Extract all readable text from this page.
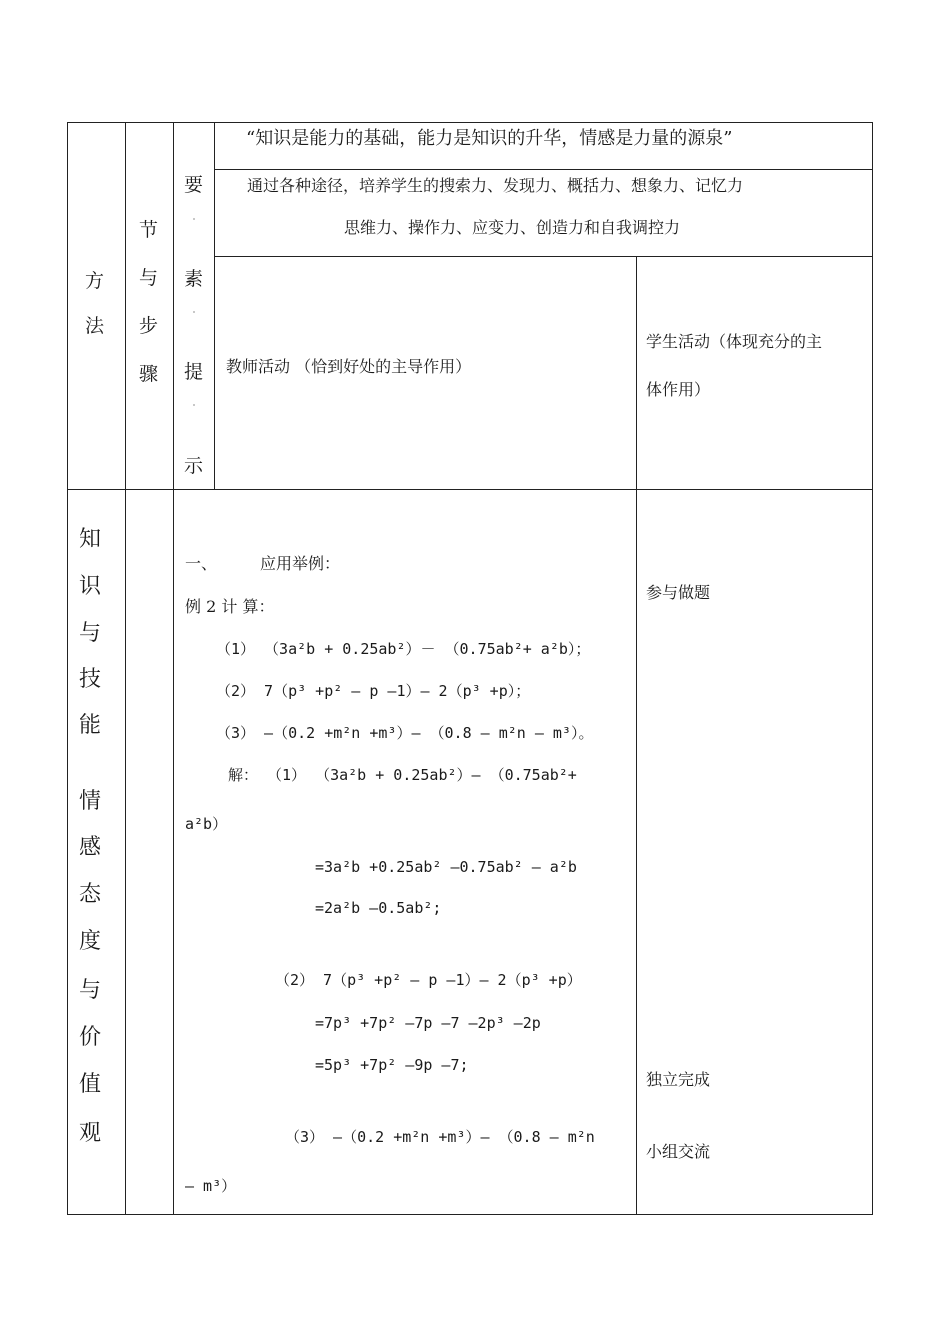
方
法
节
与
步
骤
要
素
提
示
“知识是能力的基础，能力是知识的升华，情感是力量的源泉”
通过各种途径，培养学生的搜索力、发现力、概括力、想象力、记忆力
思维力、操作力、应变力、创造力和自我调控力
教师活动 （恰到好处的主导作用）
学生活动（体现充分的主
体作用）
知
识
与
技
能
情
感
态
度
与
价
值
观
一、	应用举例：
例 2 计 算：
（1） （3a²b + 0.25ab²）－ （0.75ab²+ a²b）；
（2） 7（p³ +p² – p –1）– 2（p³ +p）；
（3） –（0.2 +m²n +m³）– （0.8 – m²n – m³）。
解： （1） （3a²b + 0.25ab²）– （0.75ab²+
a²b）
=3a²b +0.25ab² –0.75ab² – a²b
=2a²b –0.5ab²;
（2） 7（p³ +p² – p –1）– 2（p³ +p）
=7p³ +7p² –7p –7 –2p³ –2p
=5p³ +7p² –9p –7;
（3） –（0.2 +m²n +m³）– （0.8 – m²n
– m³）
参与做题
独立完成
小组交流
